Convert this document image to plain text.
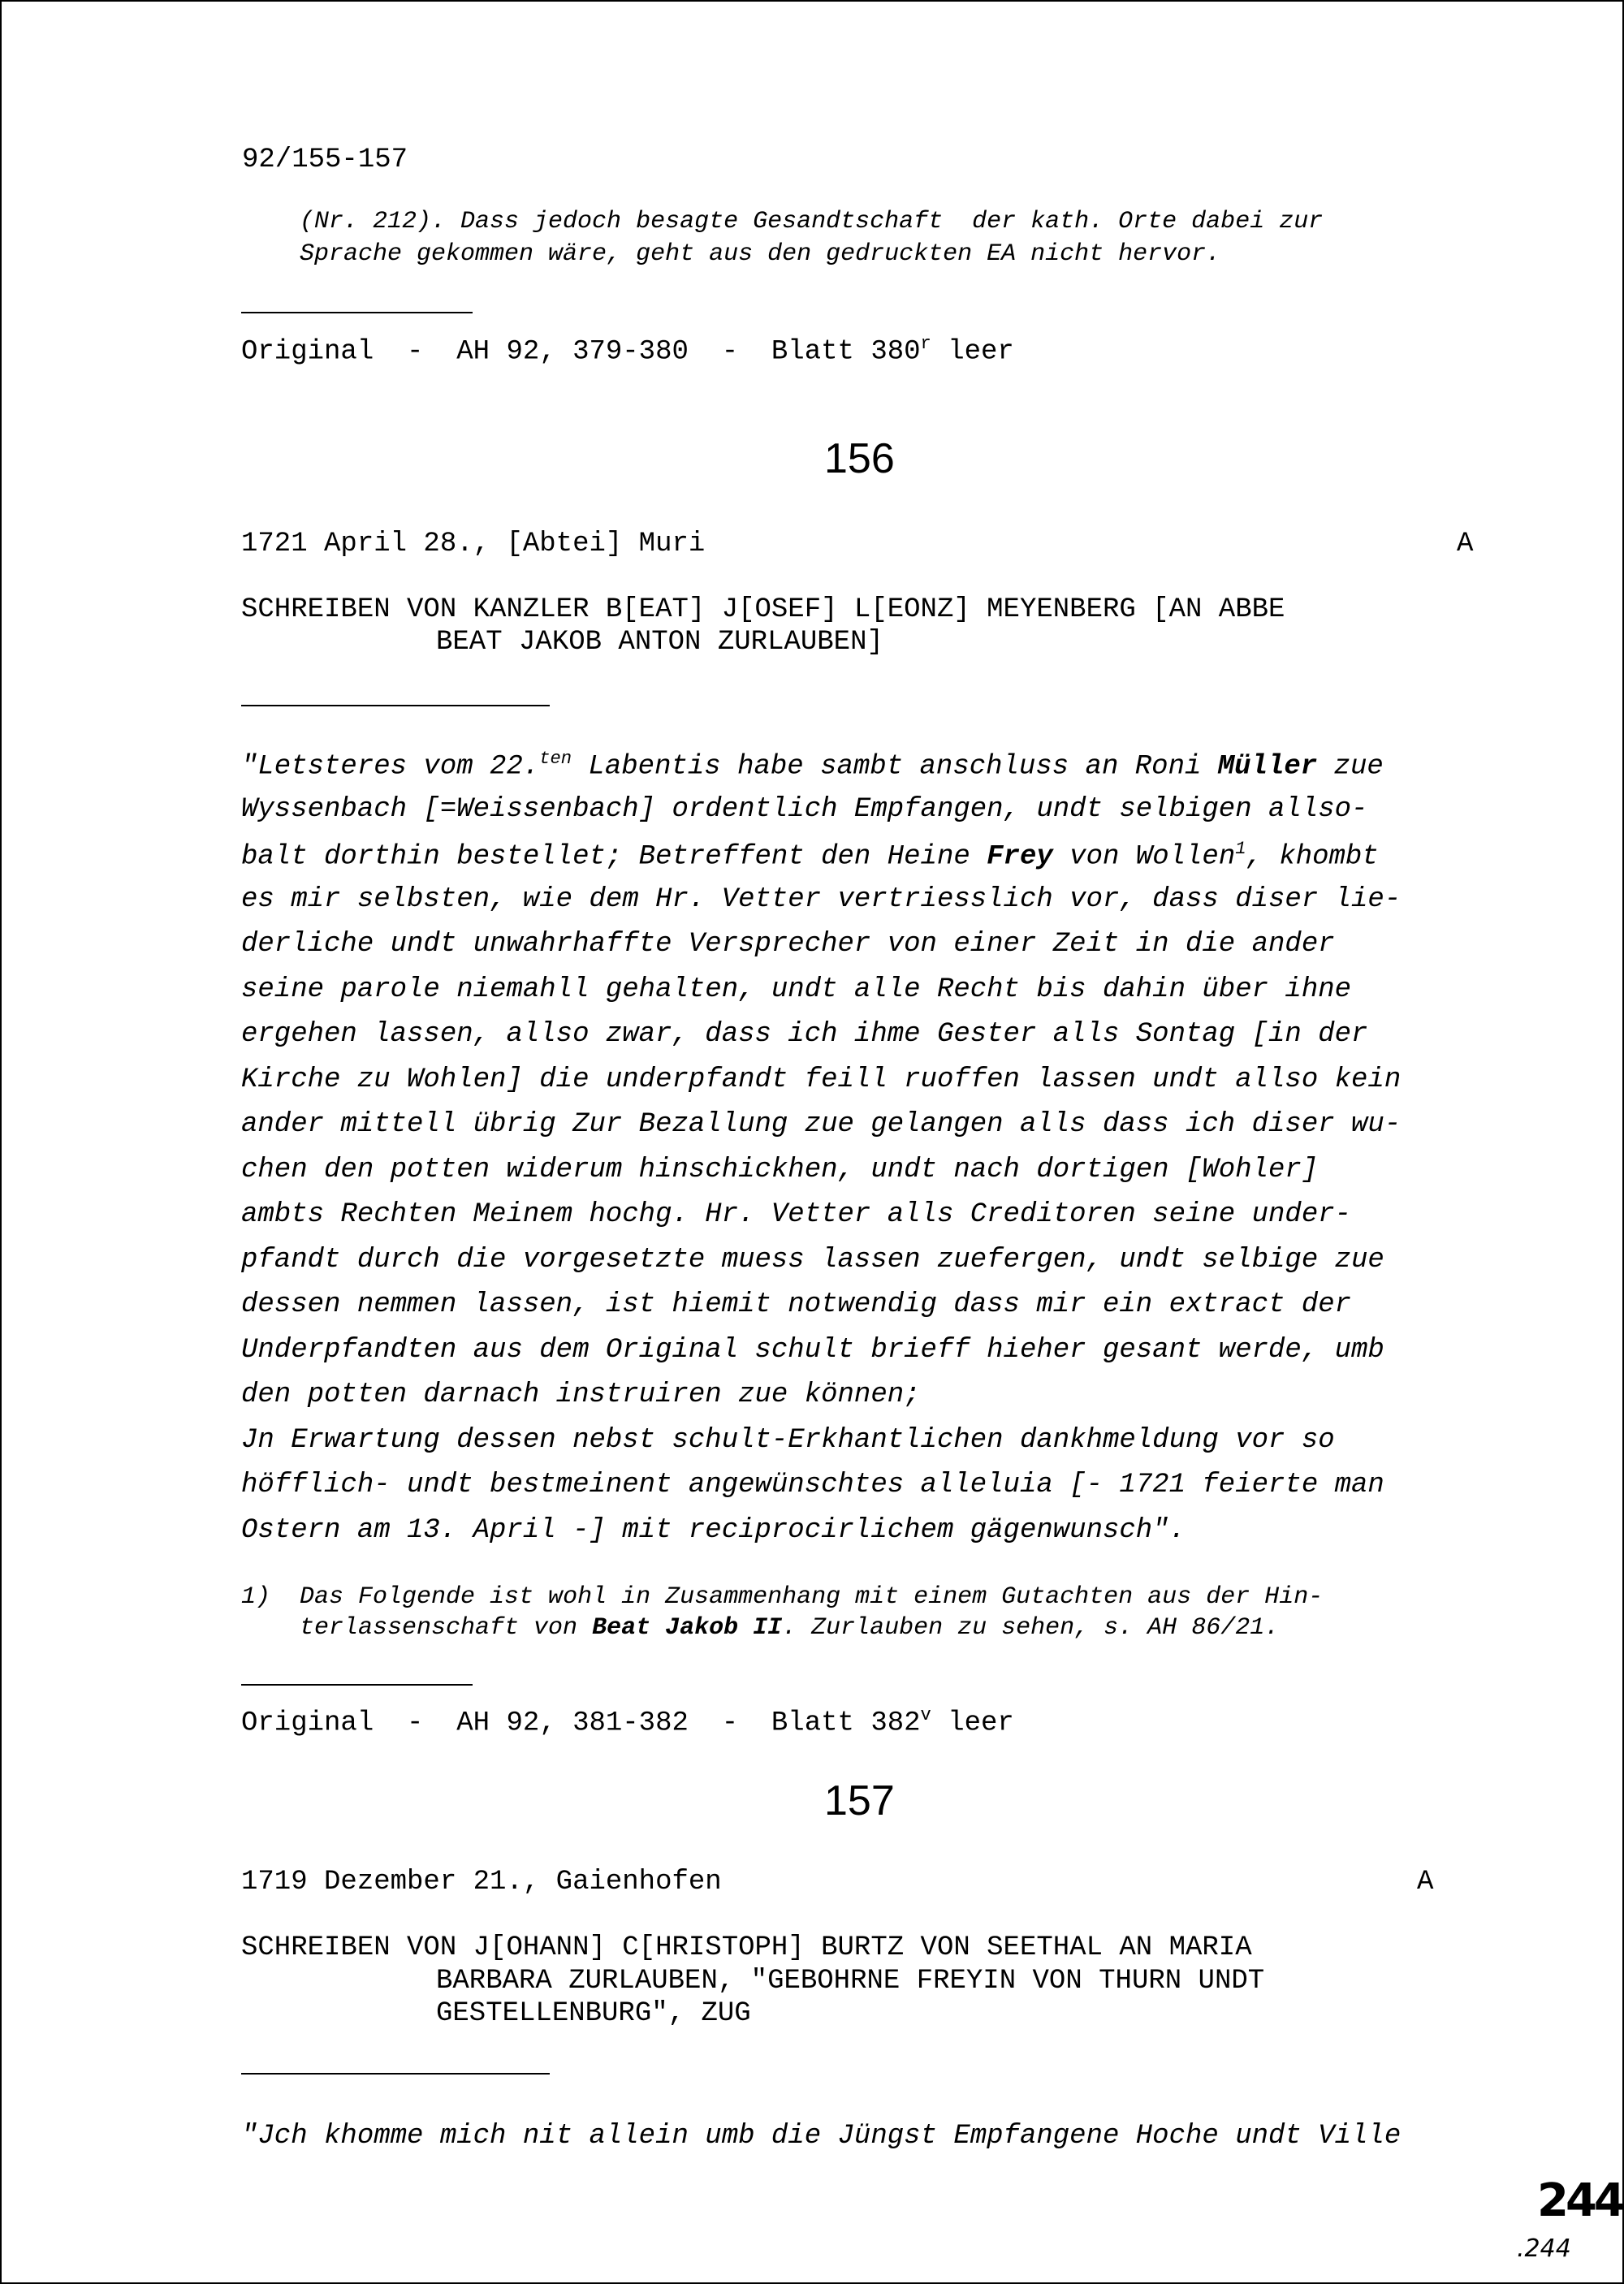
92/155-157
(Nr. 212). Dass jedoch besagte Gesandtschaft  der kath. Orte dabei zur
Sprache gekommen wäre, geht aus den gedruckten EA nicht hervor.
Original  -  AH 92, 379-380  -  Blatt 380$^r$ leer
156
1721 April 28., [Abtei] Muri	A
SCHREIBEN VON KANZLER B[EAT] J[OSEF] L[EONZ] MEYENBERG [AN ABBE
BEAT JAKOB ANTON ZURLAUBEN]
"Letsteres vom 22.$^{ten}$ Labentis habe sambt anschluss an Roni Müller zue
Wyssenbach [=Weissenbach] ordentlich Empfangen, undt selbigen allso-
balt dorthin bestellet; Betreffent den Heine Frey von Wollen$^1$, khombt
es mir selbsten, wie dem Hr. Vetter vertriesslich vor, dass diser lie-
derliche undt unwahrhaffte Versprecher von einer Zeit in die ander
seine parole niemahll gehalten, undt alle Recht bis dahin über ihne
ergehen lassen, allso zwar, dass ich ihme Gester alls Sontag [in der
Kirche zu Wohlen] die underpfandt feill ruoffen lassen undt allso kein
ander mittell übrig Zur Bezallung zue gelangen alls dass ich diser wu-
chen den potten widerum hinschickhen, undt nach dortigen [Wohler]
ambts Rechten Meinem hochg. Hr. Vetter alls Creditoren seine under-
pfandt durch die vorgesetzte muess lassen zuefergen, undt selbige zue
dessen nemmen lassen, ist hiemit notwendig dass mir ein extract der
Underpfandten aus dem Original schult brieff hieher gesant werde, umb
den potten darnach instruiren zue können;
Jn Erwartung dessen nebst schult-Erkhantlichen dankhmeldung vor so
höfflich- undt bestmeinent angewünschtes alleluia [- 1721 feierte man
Ostern am 13. April -] mit reciprocirlichem gägenwunsch".
1)  Das Folgende ist wohl in Zusammenhang mit einem Gutachten aus der Hin-
terlassenschaft von Beat Jakob II. Zurlauben zu sehen, s. AH 86/21.
Original  -  AH 92, 381-382  -  Blatt 382$^v$ leer
157
1719 Dezember 21., Gaienhofen	A
SCHREIBEN VON J[OHANN] C[HRISTOPH] BURTZ VON SEETHAL AN MARIA
BARBARA ZURLAUBEN, "GEBOHRNE FREYIN VON THURN UNDT
GESTELLENBURG", ZUG
"Jch khomme mich nit allein umb die Jüngst Empfangene Hoche undt Ville
244
.244
